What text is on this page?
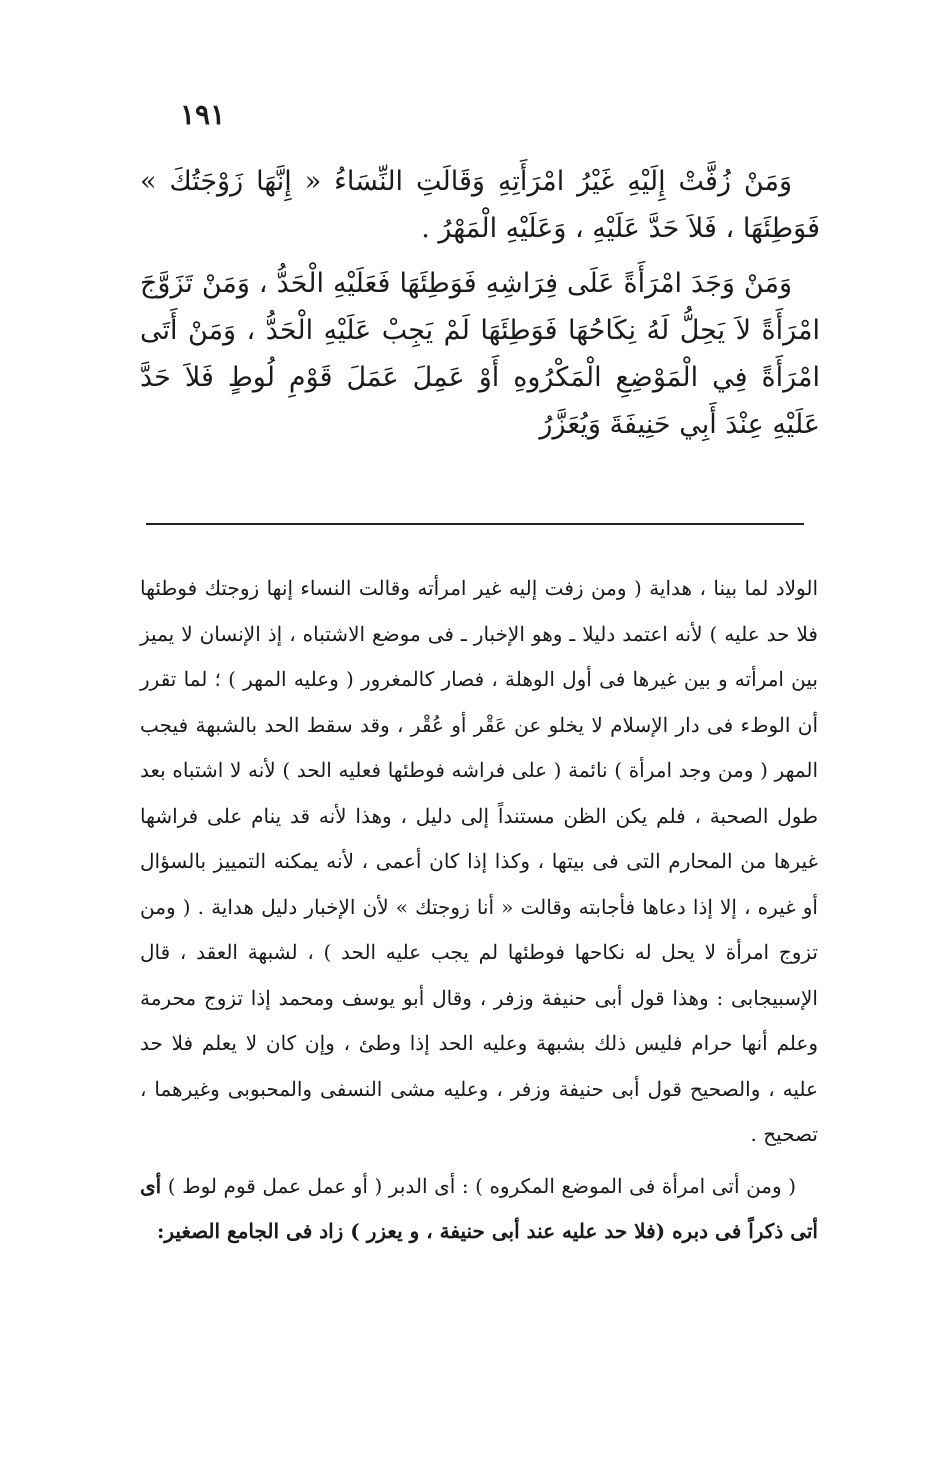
١٩١

وَمَنْ زُفَّتْ إِلَيْهِ غَيْرُ امْرَأَتِهِ وَقَالَتِ النِّسَاءُ « إِنَّهَا زَوْجَتُكَ » فَوَطِئَهَا ، فَلاَ حَدَّ عَلَيْهِ ، وَعَلَيْهِ الْمَهْرُ .

وَمَنْ وَجَدَ امْرَأَةً عَلَى فِرَاشِهِ فَوَطِئَهَا فَعَلَيْهِ الْحَدُّ ، وَمَنْ تَزَوَّجَ امْرَأَةً لاَ يَحِلُّ لَهُ نِكَاحُهَا فَوَطِئَهَا لَمْ يَجِبْ عَلَيْهِ الْحَدُّ ، وَمَنْ أَتَى امْرَأَةً فِي الْمَوْضِعِ الْمَكْرُوهِ أَوْ عَمِلَ عَمَلَ قَوْمِ لُوطٍ فَلاَ حَدَّ عَلَيْهِ عِنْدَ أَبِي حَنِيفَةَ وَيُعَزَّرُ

الولاد لما بينا ، هداية ( ومن زفت إليه غير امرأته وقالت النساء إنها زوجتك فوطئها فلا حد عليه ) لأنه اعتمد دليلا ـ وهو الإخبار ـ فى موضع الاشتباه ، إذ الإنسان لا يميز بين امرأته و بين غيرها فى أول الوهلة ، فصار كالمغرور ( وعليه المهر ) ؛ لما تقرر أن الوطء فى دار الإسلام لا يخلو عن عَقْر أو عُقْر ، وقد سقط الحد بالشبهة فيجب المهر ( ومن وجد امرأة ) نائمة ( على فراشه فوطئها فعليه الحد ) لأنه لا اشتباه بعد طول الصحبة ، فلم يكن الظن مستنداً إلى دليل ، وهذا لأنه قد ينام على فراشها غيرها من المحارم التى فى بيتها ، وكذا إذا كان أعمى ، لأنه يمكنه التمييز بالسؤال أو غيره ، إلا إذا دعاها فأجابته وقالت « أنا زوجتك » لأن الإخبار دليل هداية . ( ومن تزوج امرأة لا يحل له نكاحها فوطئها لم يجب عليه الحد ) ، لشبهة العقد ، قال الإسبيجابى : وهذا قول أبى حنيفة وزفر ، وقال أبو يوسف ومحمد إذا تزوج محرمة وعلم أنها حرام فليس ذلك بشبهة وعليه الحد إذا وطئ ، وإن كان لا يعلم فلا حد عليه ، والصحيح قول أبى حنيفة وزفر ، وعليه مشى النسفى والمحبوبى وغيرهما ، تصحيح .

( ومن أتى امرأة فى الموضع المكروه ) : أى الدبر ( أو عمل عمل قوم لوط ) أى أتى ذكراً فى دبره (فلا حد عليه عند أبى حنيفة ، و يعزر ) زاد فى الجامع الصغير:
